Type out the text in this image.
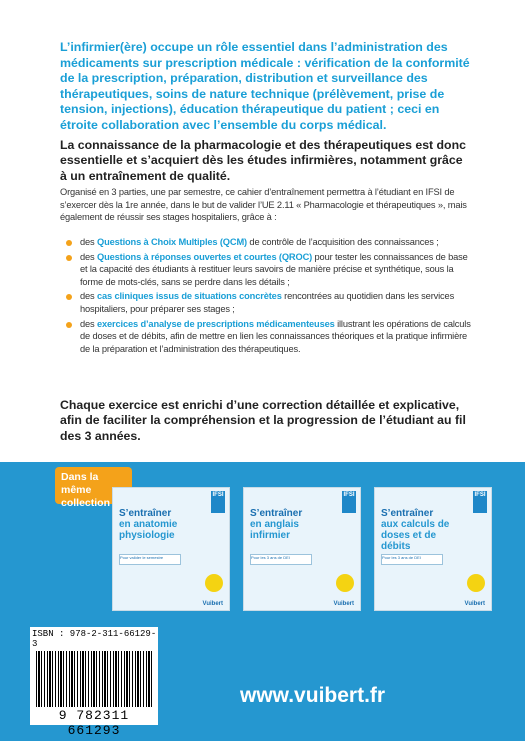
L’infirmier(ère) occupe un rôle essentiel dans l’administration des médicaments sur prescription médicale : vérification de la conformité de la prescription, préparation, distribution et surveillance des thérapeutiques, soins de nature technique (prélèvement, prise de tension, injections), éducation thérapeutique du patient ; ceci en étroite collaboration avec l’ensemble du corps médical.

La connaissance de la pharmacologie et des thérapeutiques est donc essentielle et s’acquiert dès les études infirmières, notamment grâce à un entraînement de qualité.

Organisé en 3 parties, une par semestre, ce cahier d’entraînement permettra à l’étudiant en IFSI de s’exercer dès la 1re année, dans le but de valider l’UE 2.11 « Pharmacologie et thérapeutiques », mais également de réussir ses stages hospitaliers, grâce à :

des Questions à Choix Multiples (QCM) de contrôle de l’acquisition des connaissances ;
des Questions à réponses ouvertes et courtes (QROC) pour tester les connaissances de base et la capacité des étudiants à restituer leurs savoirs de manière précise et synthétique, sous la forme de mots-clés, sans se perdre dans les détails ;
des cas cliniques issus de situations concrètes rencontrées au quotidien dans les services hospitaliers, pour préparer ses stages ;
des exercices d’analyse de prescriptions médicamenteuses illustrant les opérations de calculs de doses et de débits, afin de mettre en lien les connaissances théoriques et la pratique infirmière de la préparation et l’administration des thérapeutiques.

Chaque exercice est enrichi d’une correction détaillée et explicative, afin de faciliter la compréhension et la progression de l’étudiant au fil des 3 années.

Dans la même collection
IFSI
S’entraîner
en anatomie physiologie
Pour valider le semestre
Vuibert
IFSI
S’entraîner
en anglais infirmier
Pour les 3 ans de DEI
Vuibert
IFSI
S’entraîner
aux calculs de doses et de débits
Pour les 3 ans de DEI
Vuibert
ISBN : 978-2-311-66129-3
9 782311 661293
www.vuibert.fr
